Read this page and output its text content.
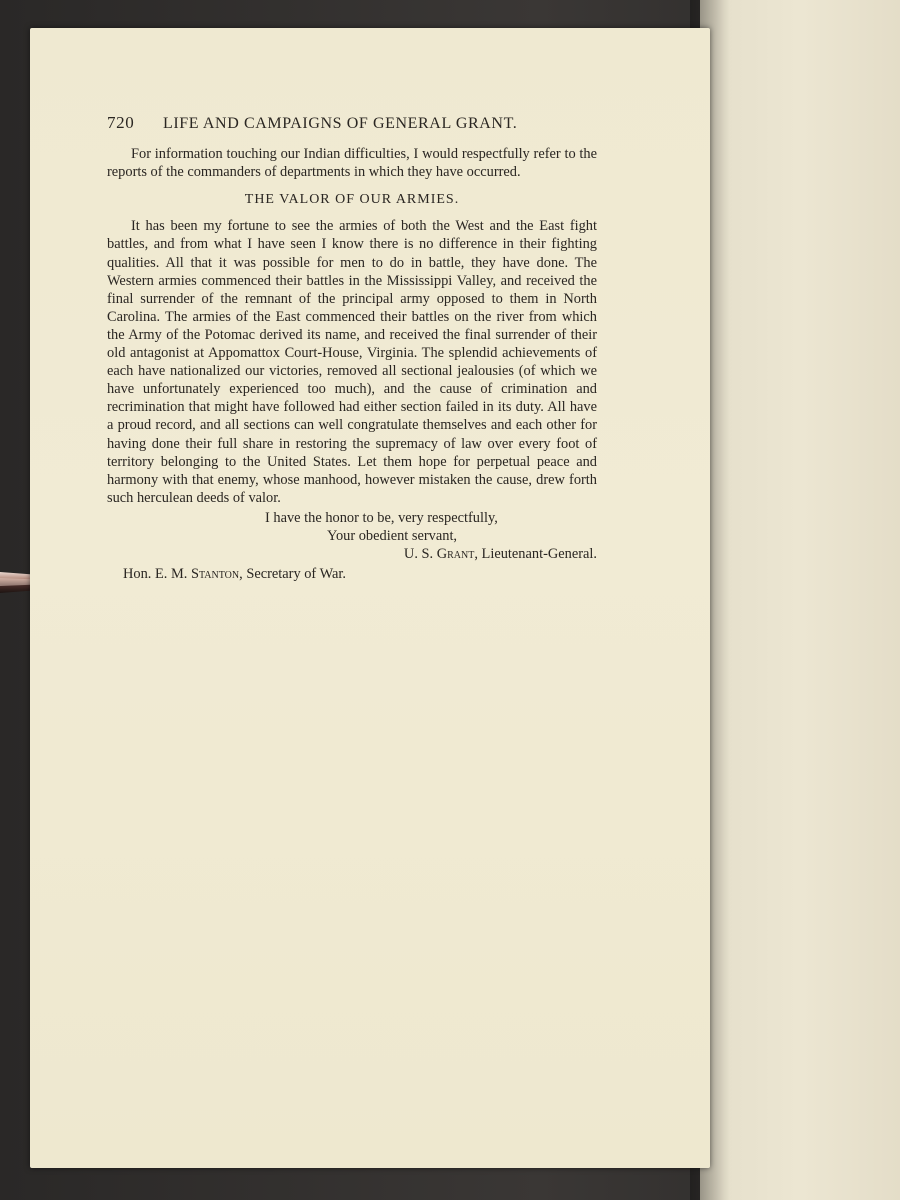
720	LIFE AND CAMPAIGNS OF GENERAL GRANT.

For information touching our Indian difficulties, I would respectfully refer to the reports of the commanders of departments in which they have occurred.

THE VALOR OF OUR ARMIES.

It has been my fortune to see the armies of both the West and the East fight battles, and from what I have seen I know there is no difference in their fighting qualities. All that it was possible for men to do in battle, they have done. The Western armies commenced their battles in the Mississippi Valley, and received the final surrender of the remnant of the principal army opposed to them in North Carolina. The armies of the East commenced their battles on the river from which the Army of the Potomac derived its name, and received the final surrender of their old antagonist at Appomattox Court-House, Virginia. The splendid achievements of each have nationalized our victories, removed all sectional jealousies (of which we have unfortunately experienced too much), and the cause of crimination and recrimination that might have followed had either section failed in its duty. All have a proud record, and all sections can well congratulate themselves and each other for having done their full share in restoring the supremacy of law over every foot of territory belonging to the United States. Let them hope for perpetual peace and harmony with that enemy, whose manhood, however mistaken the cause, drew forth such herculean deeds of valor.

I have the honor to be, very respectfully,
Your obedient servant,
U. S. Grant, Lieutenant-General.
Hon. E. M. Stanton, Secretary of War.
